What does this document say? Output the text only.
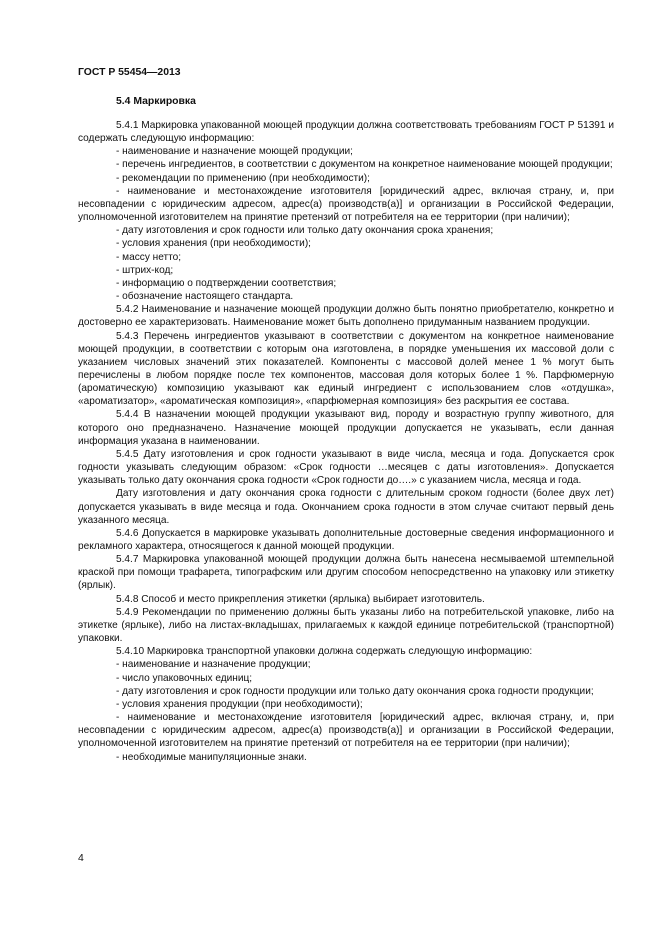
ГОСТ Р 55454—2013
5.4 Маркировка

5.4.1 Маркировка упакованной моющей продукции должна соответствовать требованиям ГОСТ Р 51391 и содержать следующую информацию:

- наименование и назначение моющей продукции;

- перечень ингредиентов, в соответствии с документом на конкретное наименование моющей продукции;

- рекомендации по применению (при необходимости);

- наименование и местонахождение изготовителя [юридический адрес, включая страну, и, при несовпадении с юридическим адресом, адрес(а) производств(а)] и организации в Российской Федерации, уполномоченной изготовителем на принятие претензий от потребителя на ее территории (при наличии);

- дату изготовления и срок годности или только дату окончания срока хранения;

- условия хранения (при необходимости);

- массу нетто;

- штрих-код;

- информацию о подтверждении соответствия;

- обозначение настоящего стандарта.

5.4.2 Наименование и назначение моющей продукции должно быть понятно приобретателю, конкретно и достоверно ее характеризовать. Наименование может быть дополнено придуманным названием продукции.

5.4.3 Перечень ингредиентов указывают в соответствии с документом на конкретное наименование моющей продукции, в соответствии с которым она изготовлена, в порядке уменьшения их массовой доли с указанием числовых значений этих показателей. Компоненты с массовой долей менее 1 % могут быть перечислены в любом порядке после тех компонентов, массовая доля которых более 1 %. Парфюмерную (ароматическую) композицию указывают как единый ингредиент с использованием слов «отдушка», «ароматизатор», «ароматическая композиция», «парфюмерная композиция» без раскрытия ее состава.

5.4.4 В назначении моющей продукции указывают вид, породу и возрастную группу животного, для которого оно предназначено. Назначение моющей продукции допускается не указывать, если данная информация указана в наименовании.

5.4.5 Дату изготовления и срок годности указывают в виде числа, месяца и года. Допускается срок годности указывать следующим образом: «Срок годности …месяцев с даты изготовления». Допускается указывать только дату окончания срока годности «Срок годности до….» с указанием числа, месяца и года.

Дату изготовления и дату окончания срока годности с длительным сроком годности (более двух лет) допускается указывать в виде месяца и года. Окончанием срока годности в этом случае считают первый день указанного месяца.

5.4.6 Допускается в маркировке указывать дополнительные достоверные сведения информационного и рекламного характера, относящегося к данной моющей продукции.

5.4.7 Маркировка упакованной моющей продукции должна быть нанесена несмываемой штемпельной краской при помощи трафарета, типографским или другим способом непосредственно на упаковку или этикетку (ярлык).

5.4.8 Способ и место прикрепления этикетки (ярлыка) выбирает изготовитель.

5.4.9 Рекомендации по применению должны быть указаны либо на потребительской упаковке, либо на этикетке (ярлыке), либо на листах-вкладышах, прилагаемых к каждой единице потребительской (транспортной) упаковки.

5.4.10 Маркировка транспортной упаковки должна содержать следующую информацию:

- наименование и назначение продукции;

- число упаковочных единиц;

- дату изготовления и срок годности продукции или только дату окончания срока годности продукции;

- условия хранения продукции (при необходимости);

- наименование и местонахождение изготовителя [юридический адрес, включая страну, и, при несовпадении с юридическим адресом, адрес(а) производств(а)] и организации в Российской Федерации, уполномоченной изготовителем на принятие претензий от потребителя на ее территории (при наличии);

- необходимые манипуляционные знаки.

4
